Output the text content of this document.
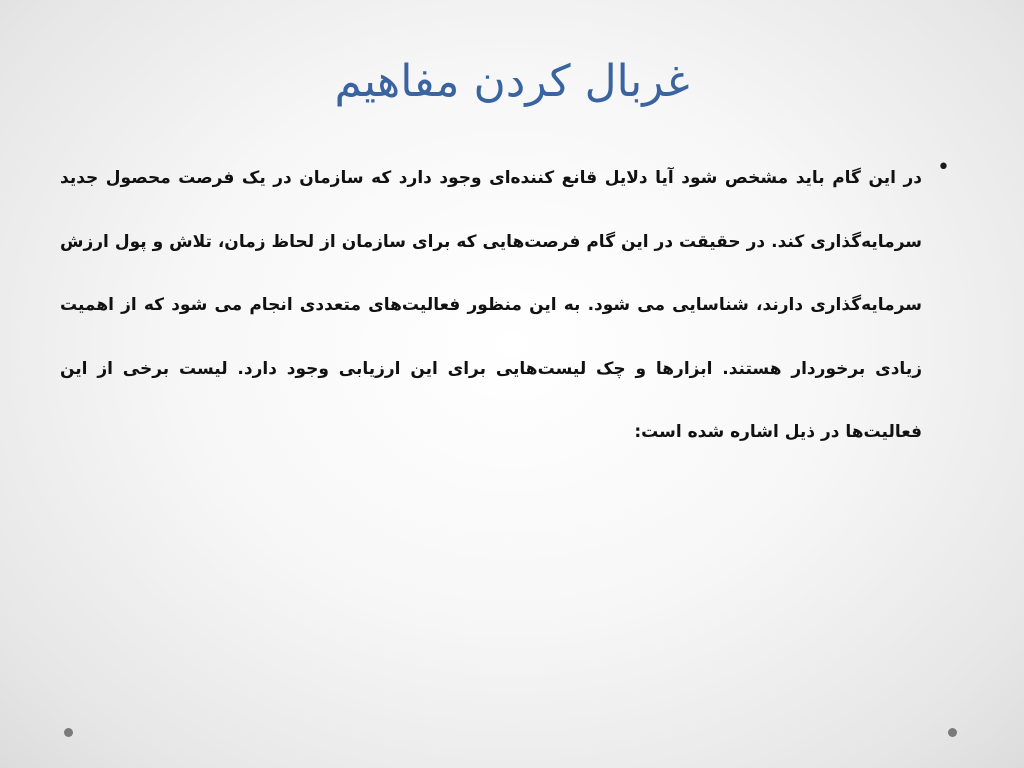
غربال کردن مفاهیم
•

در این گام باید مشخص شود آیا دلایل قانع کننده‌ای وجود دارد که سازمان در یک فرصت محصول جدید سرمایه‌گذاری کند. در حقیقت در این گام فرصت‌هایی که برای سازمان از لحاظ زمان، تلاش و پول ارزش سرمایه‌گذاری دارند، شناسایی می شود. به این منظور فعالیت‌های متعددی انجام می شود که از اهمیت زیادی برخوردار هستند. ابزارها و چک لیست‌هایی برای این ارزیابی وجود دارد. لیست برخی از این فعالیت‌ها در ذیل اشاره شده است:
